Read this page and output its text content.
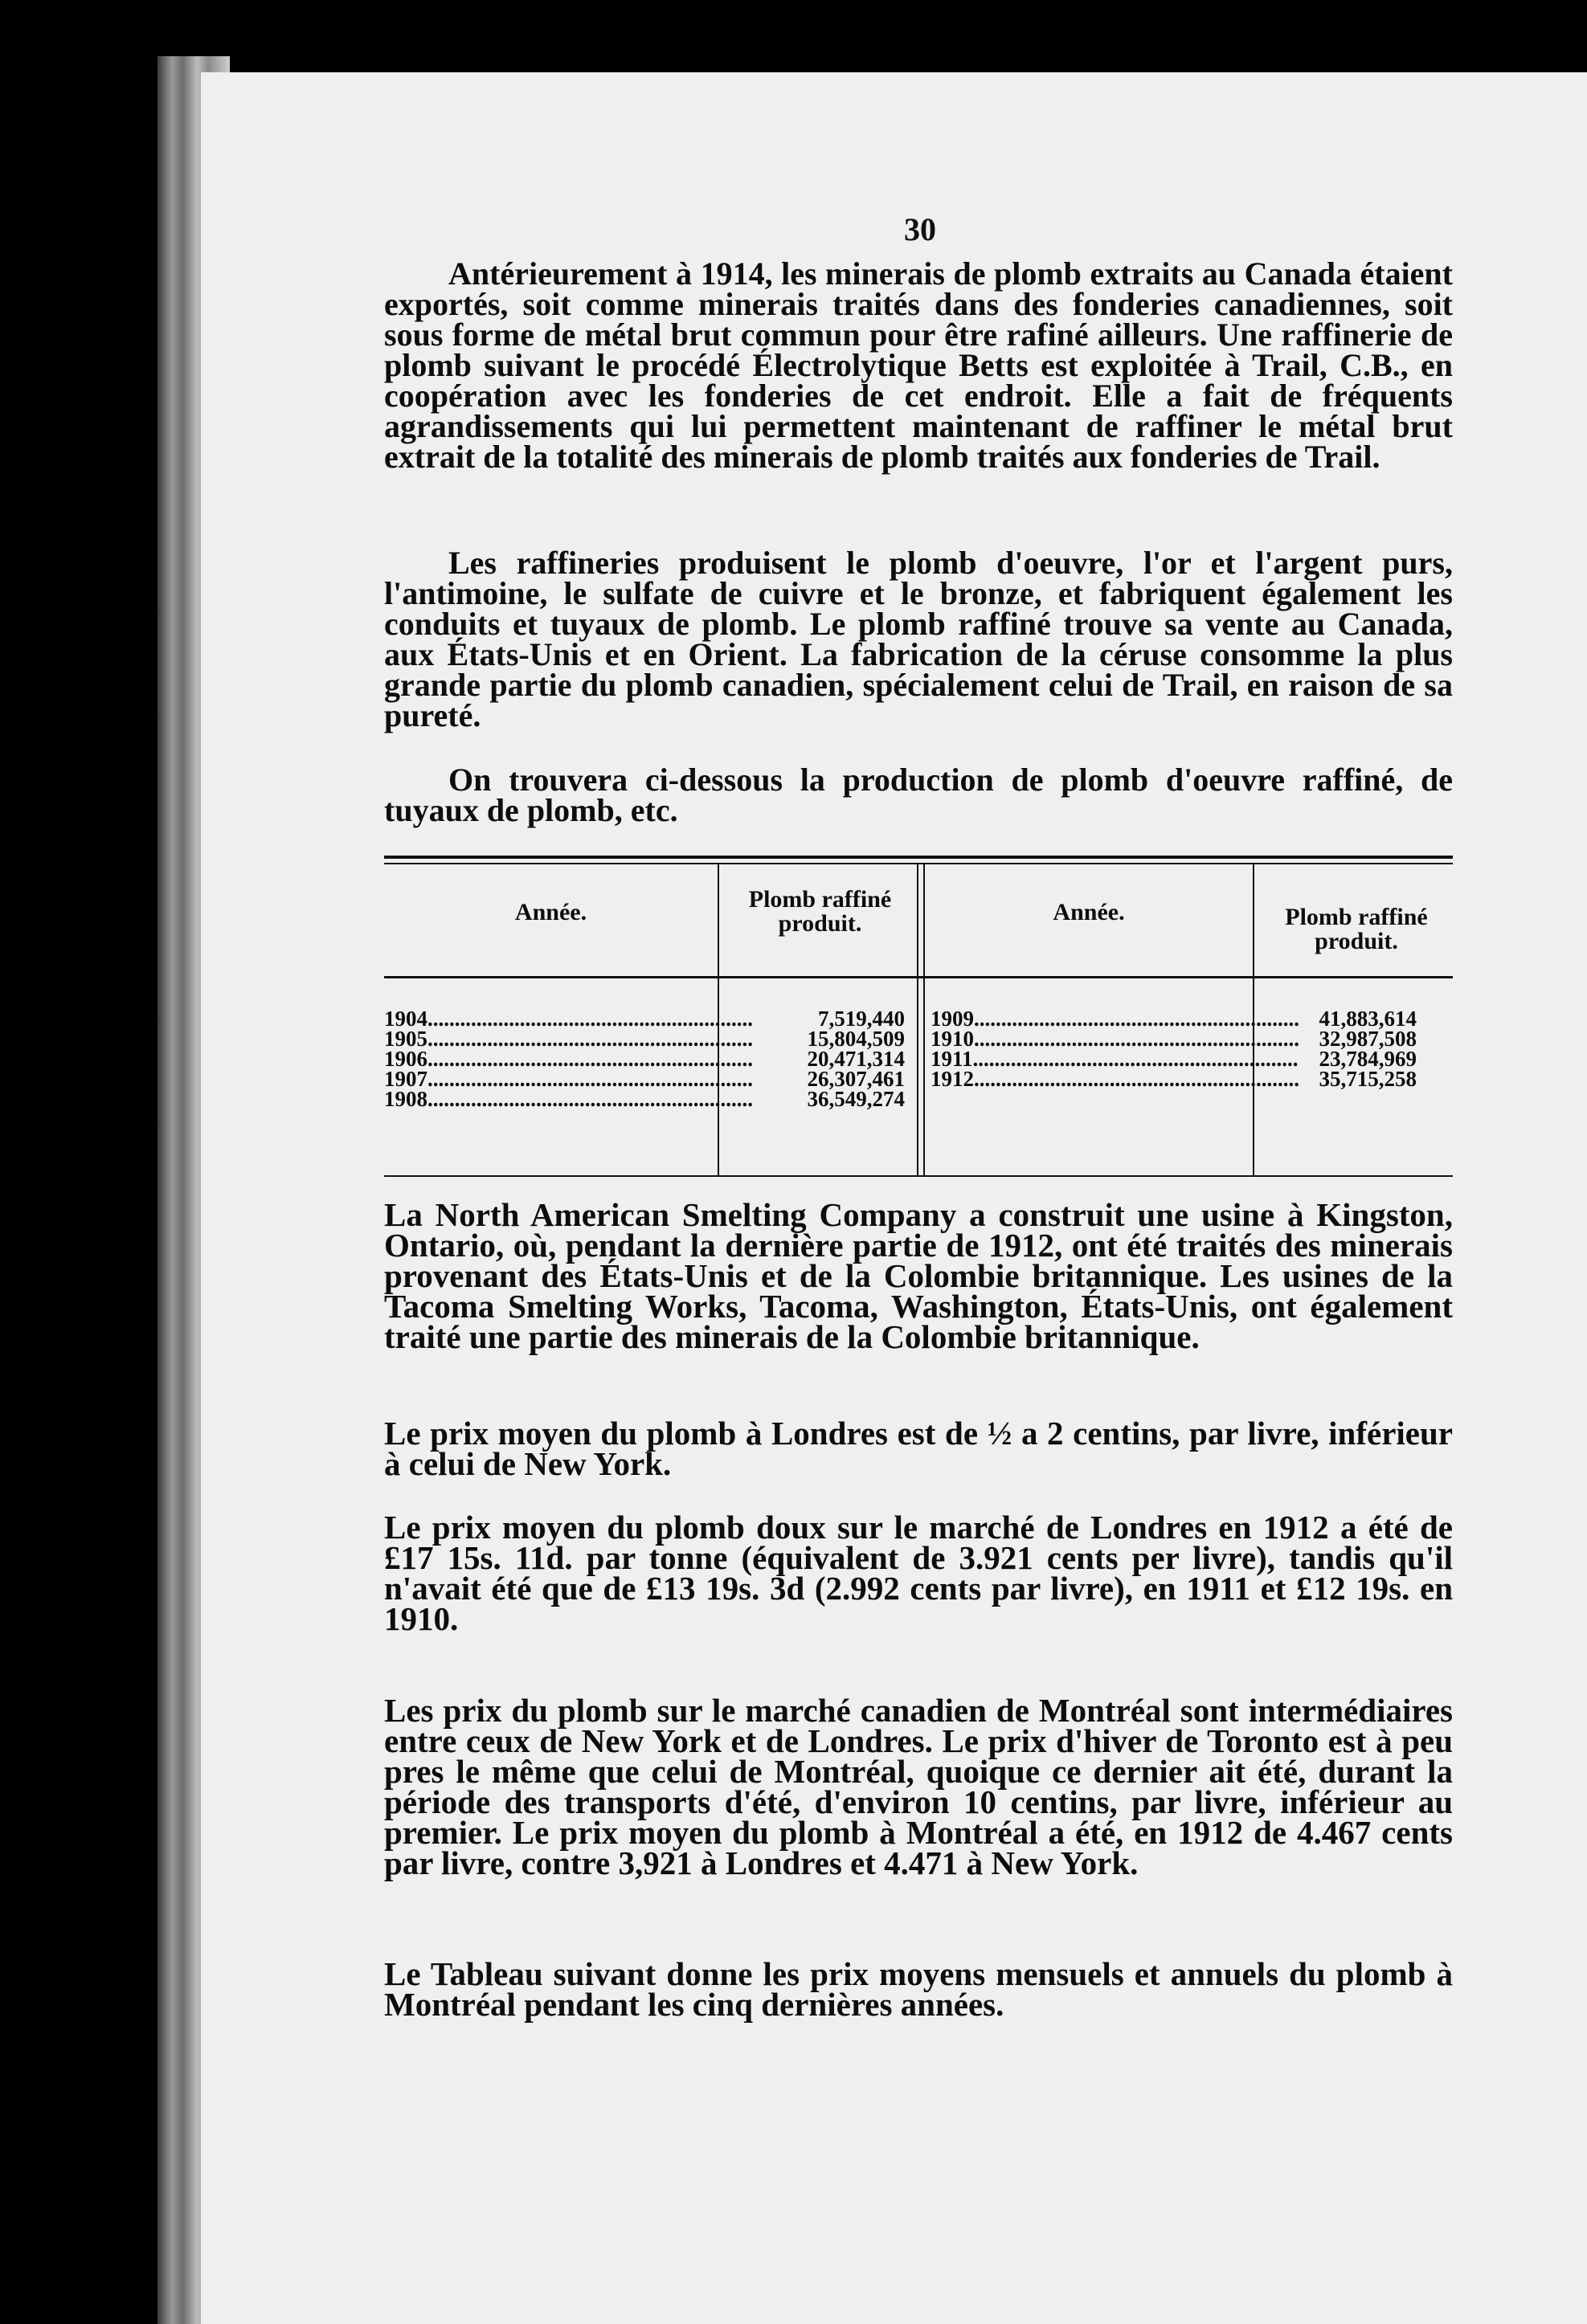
30
Antérieurement à 1914, les minerais de plomb extraits au Canada étaient exportés, soit comme minerais traités dans des fonderies canadiennes, soit sous forme de métal brut commun pour être rafiné ailleurs. Une raffinerie de plomb suivant le procédé Électrolytique Betts est exploitée à Trail, C.B., en coopération avec les fonderies de cet endroit. Elle a fait de fréquents agrandissements qui lui permettent maintenant de raffiner le métal brut extrait de la totalité des minerais de plomb traités aux fonderies de Trail.
Les raffineries produisent le plomb d'oeuvre, l'or et l'argent purs, l'antimoine, le sulfate de cuivre et le bronze, et fabriquent également les conduits et tuyaux de plomb. Le plomb raffiné trouve sa vente au Canada, aux États-Unis et en Orient. La fabrication de la céruse consomme la plus grande partie du plomb canadien, spécialement celui de Trail, en raison de sa pureté.
On trouvera ci-dessous la production de plomb d'oeuvre raffiné, de tuyaux de plomb, etc.
Année.	Plomb raffiné produit.	Année.	Plomb raffiné produit.
1904............................................................	7,519,440
1905............................................................	15,804,509
1906............................................................	20,471,314
1907............................................................	26,307,461
1908............................................................	36,549,274
1909............................................................ 41,883,614
1910............................................................ 32,987,508
1911............................................................ 23,784,969
1912............................................................ 35,715,258
La North American Smelting Company a construit une usine à Kingston, Ontario, où, pendant la dernière partie de 1912, ont été traités des minerais provenant des États-Unis et de la Colombie britannique. Les usines de la Tacoma Smelting Works, Tacoma, Washington, États-Unis, ont également traité une partie des minerais de la Colombie britannique.
Le prix moyen du plomb à Londres est de ½ a 2 centins, par livre, inférieur à celui de New York.
Le prix moyen du plomb doux sur le marché de Londres en 1912 a été de £17 15s. 11d. par tonne (équivalent de 3.921 cents per livre), tandis qu'il n'avait été que de £13 19s. 3d (2.992 cents par livre), en 1911 et £12 19s. en 1910.
Les prix du plomb sur le marché canadien de Montréal sont intermédiaires entre ceux de New York et de Londres. Le prix d'hiver de Toronto est à peu pres le même que celui de Montréal, quoique ce dernier ait été, durant la période des transports d'été, d'environ 10 centins, par livre, inférieur au premier. Le prix moyen du plomb à Montréal a été, en 1912 de 4.467 cents par livre, contre 3,921 à Londres et 4.471 à New York.
Le Tableau suivant donne les prix moyens mensuels et annuels du plomb à Montréal pendant les cinq dernières années.
